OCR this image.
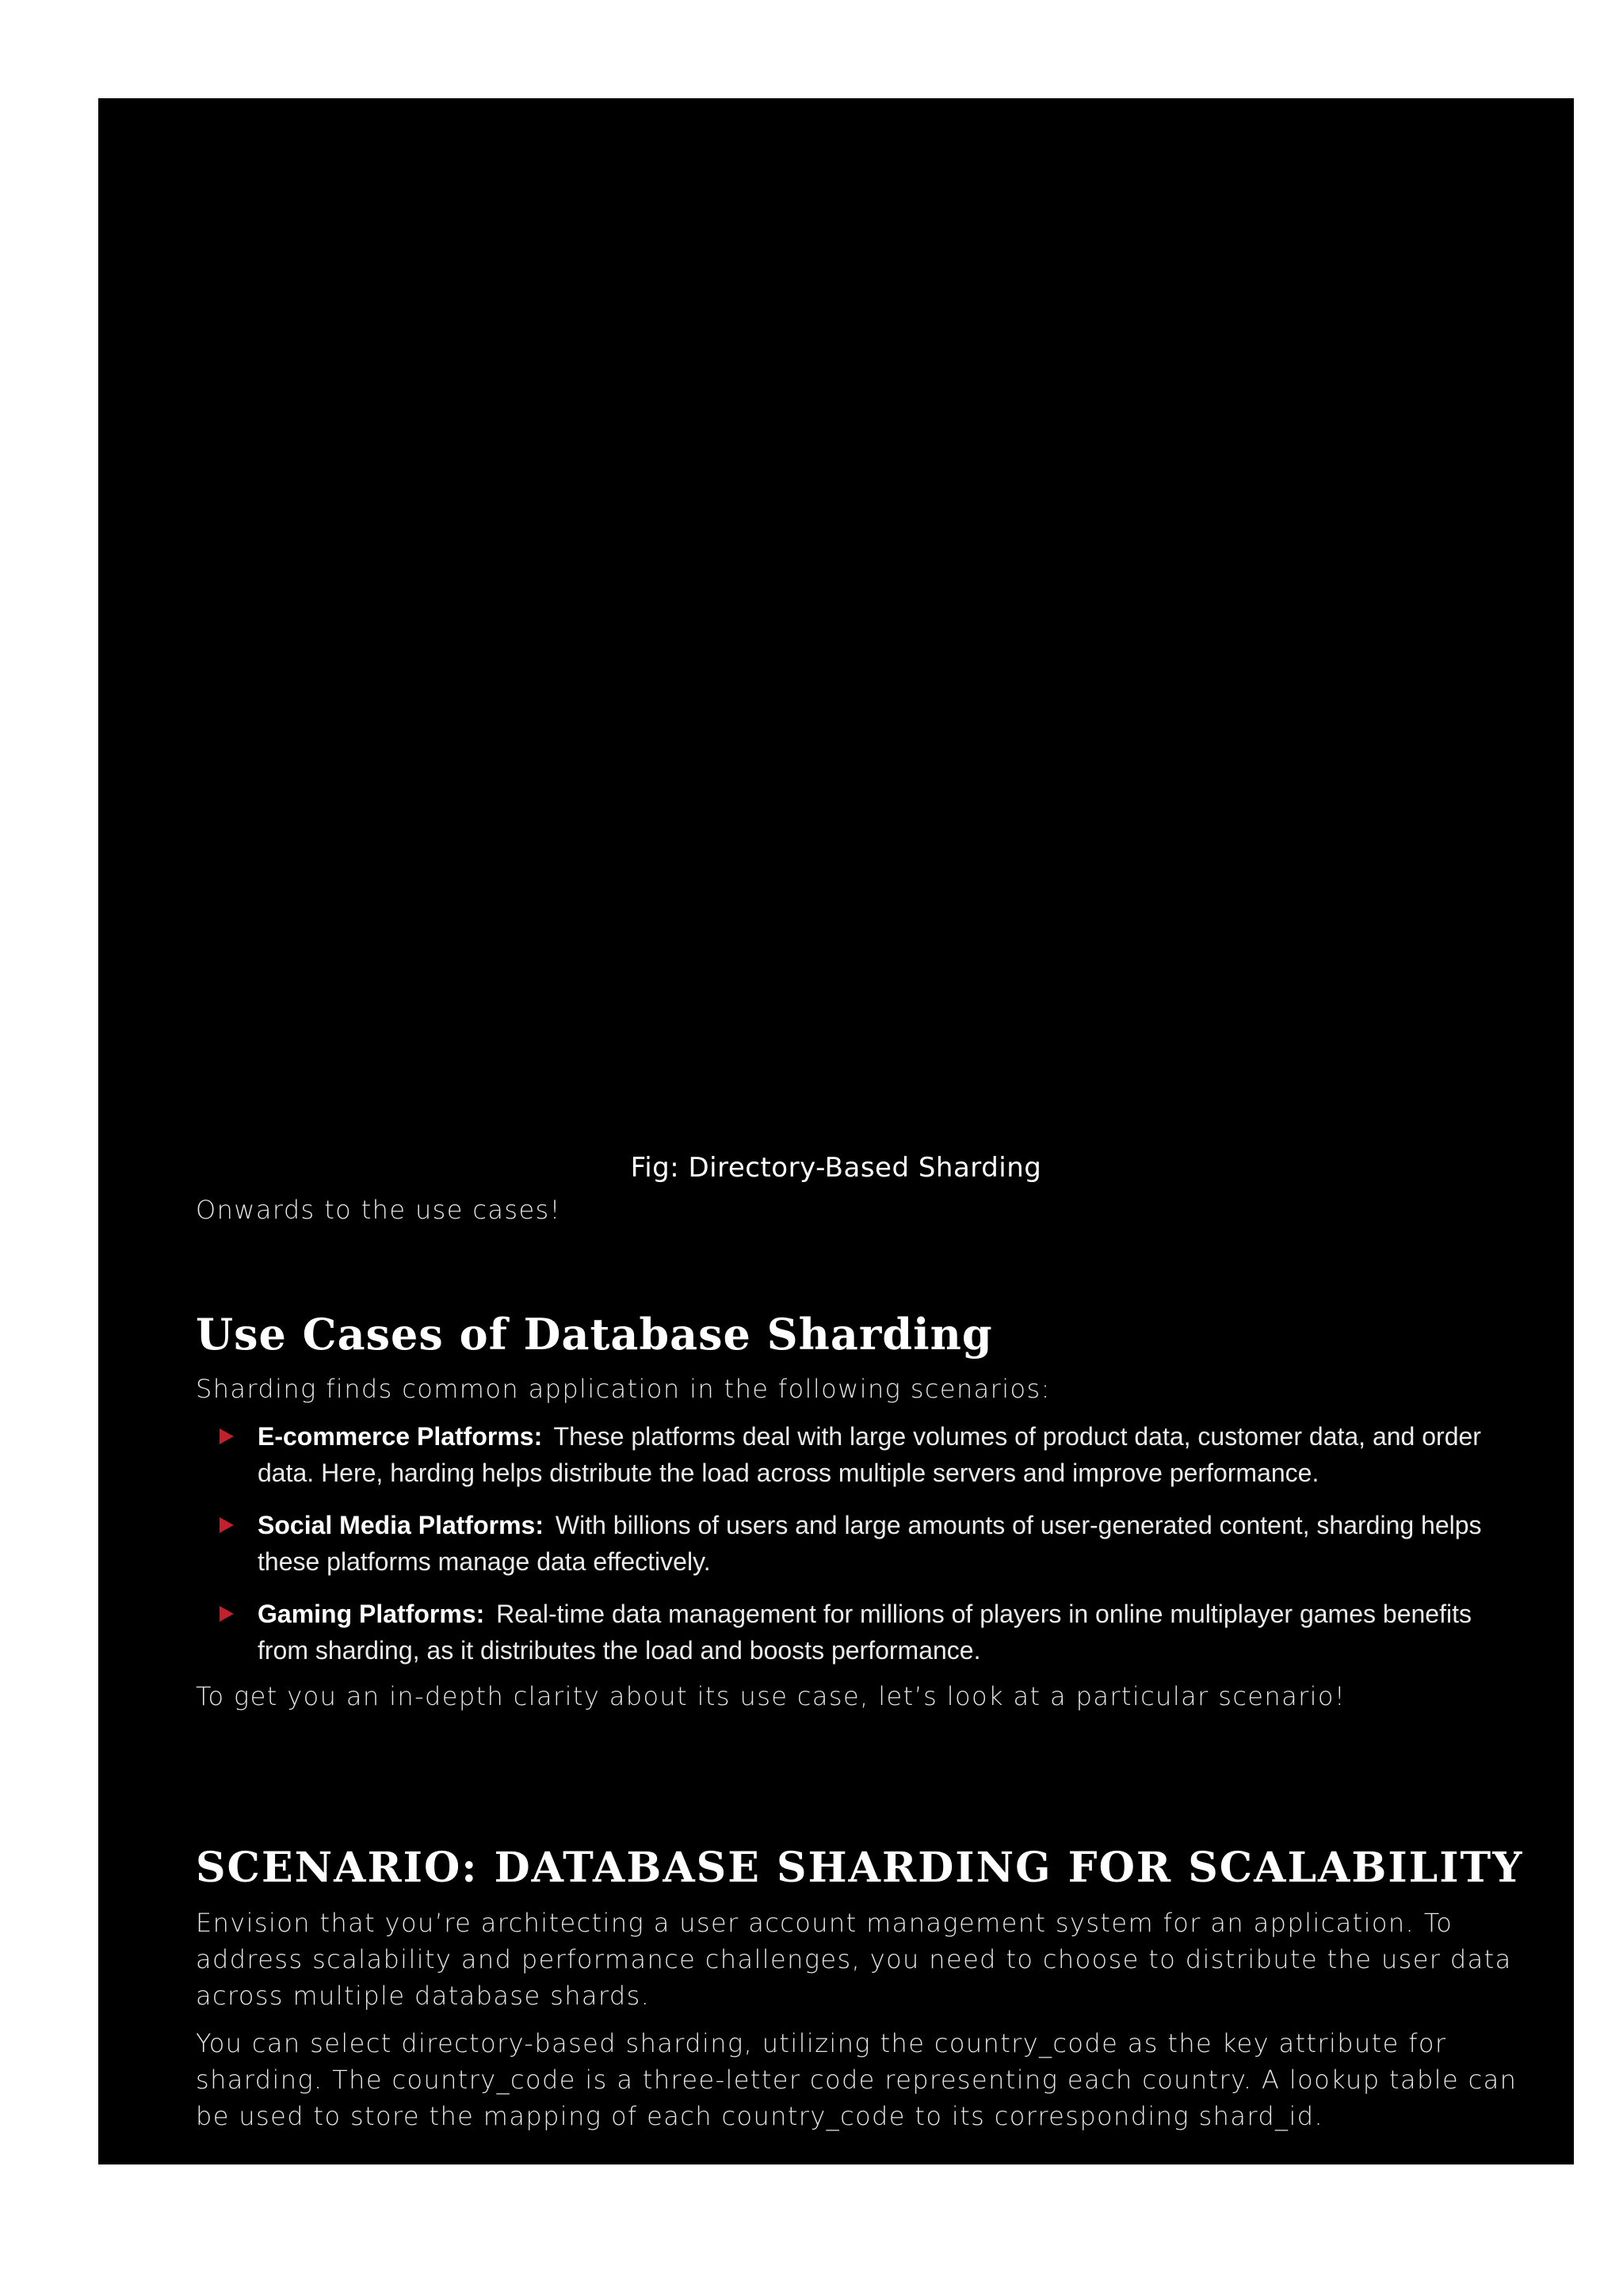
Fig: Directory-Based Sharding

Onwards to the use cases!

Use Cases of Database Sharding

Sharding finds common application in the following scenarios:

E-commerce Platforms: These platforms deal with large volumes of product data, customer data, and order data. Here, harding helps distribute the load across multiple servers and improve performance.
Social Media Platforms: With billions of users and large amounts of user-generated content, sharding helps these platforms manage data effectively.
Gaming Platforms: Real-time data management for millions of players in online multiplayer games benefits from sharding, as it distributes the load and boosts performance.

To get you an in-depth clarity about its use case, let’s look at a particular scenario!

SCENARIO: DATABASE SHARDING FOR SCALABILITY

Envision that you’re architecting a user account management system for an application. To address scalability and performance challenges, you need to choose to distribute the user data across multiple database shards.

You can select directory-based sharding, utilizing the country_code as the key attribute for sharding. The country_code is a three-letter code representing each country. A lookup table can be used to store the mapping of each country_code to its corresponding shard_id.
